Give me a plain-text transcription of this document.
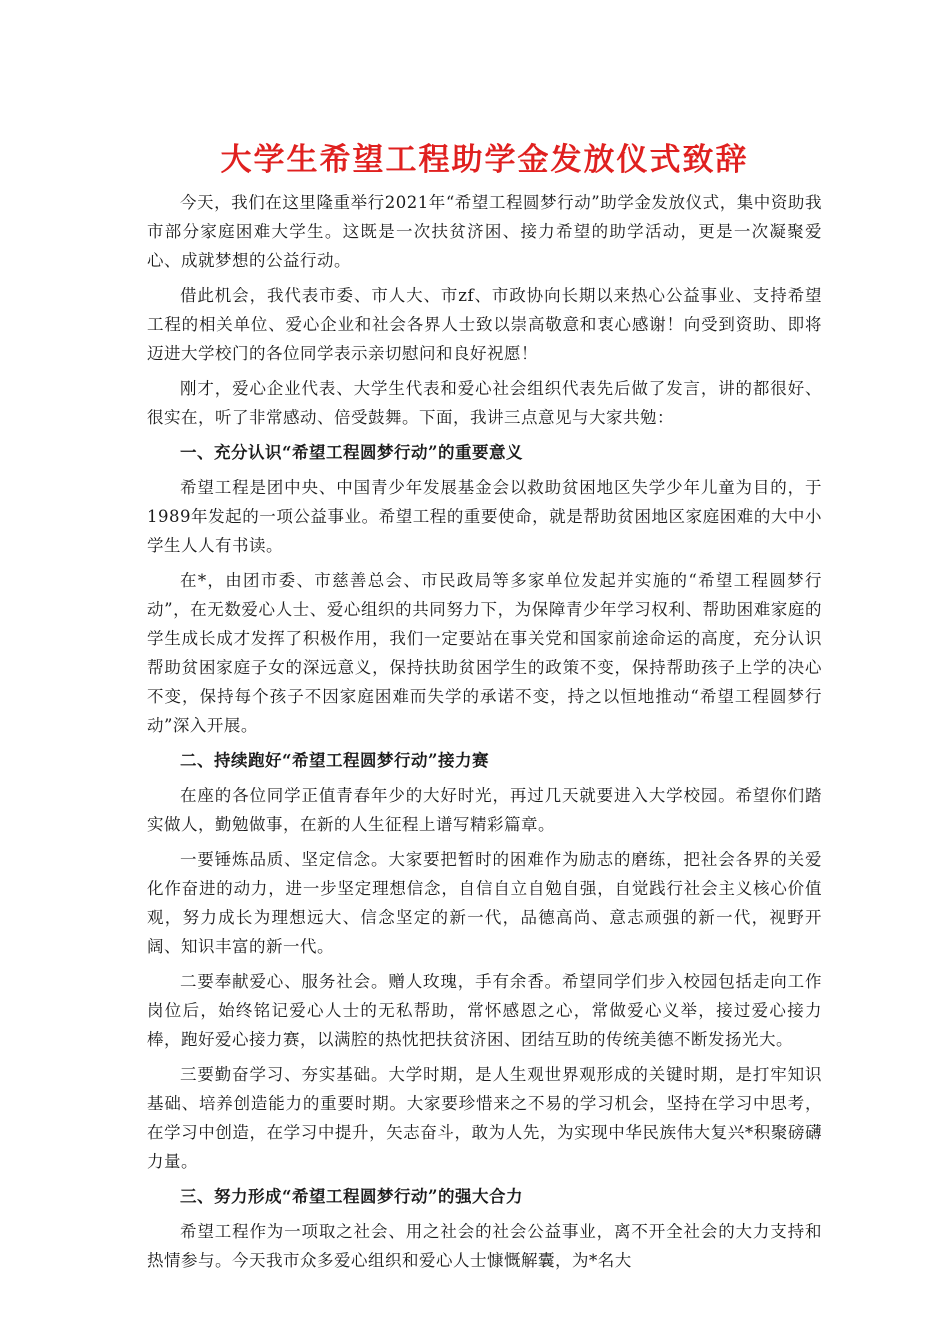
大学生希望工程助学金发放仪式致辞

今天，我们在这里隆重举行2021年“希望工程圆梦行动”助学金发放仪式，集中资助我市部分家庭困难大学生。这既是一次扶贫济困、接力希望的助学活动，更是一次凝聚爱心、成就梦想的公益行动。

借此机会，我代表市委、市人大、市zf、市政协向长期以来热心公益事业、支持希望工程的相关单位、爱心企业和社会各界人士致以崇高敬意和衷心感谢！向受到资助、即将迈进大学校门的各位同学表示亲切慰问和良好祝愿！

刚才，爱心企业代表、大学生代表和爱心社会组织代表先后做了发言，讲的都很好、很实在，听了非常感动、倍受鼓舞。下面，我讲三点意见与大家共勉：

一、充分认识“希望工程圆梦行动”的重要意义

希望工程是团中央、中国青少年发展基金会以救助贫困地区失学少年儿童为目的，于1989年发起的一项公益事业。希望工程的重要使命，就是帮助贫困地区家庭困难的大中小学生人人有书读。

在*，由团市委、市慈善总会、市民政局等多家单位发起并实施的“希望工程圆梦行动”，在无数爱心人士、爱心组织的共同努力下，为保障青少年学习权利、帮助困难家庭的学生成长成才发挥了积极作用，我们一定要站在事关党和国家前途命运的高度，充分认识帮助贫困家庭子女的深远意义，保持扶助贫困学生的政策不变，保持帮助孩子上学的决心不变，保持每个孩子不因家庭困难而失学的承诺不变，持之以恒地推动“希望工程圆梦行动”深入开展。

二、持续跑好“希望工程圆梦行动”接力赛

在座的各位同学正值青春年少的大好时光，再过几天就要进入大学校园。希望你们踏实做人，勤勉做事，在新的人生征程上谱写精彩篇章。

一要锤炼品质、坚定信念。大家要把暂时的困难作为励志的磨练，把社会各界的关爱化作奋进的动力，进一步坚定理想信念，自信自立自勉自强，自觉践行社会主义核心价值观，努力成长为理想远大、信念坚定的新一代，品德高尚、意志顽强的新一代，视野开阔、知识丰富的新一代。

二要奉献爱心、服务社会。赠人玫瑰，手有余香。希望同学们步入校园包括走向工作岗位后，始终铭记爱心人士的无私帮助，常怀感恩之心，常做爱心义举，接过爱心接力棒，跑好爱心接力赛，以满腔的热忱把扶贫济困、团结互助的传统美德不断发扬光大。

三要勤奋学习、夯实基础。大学时期，是人生观世界观形成的关键时期，是打牢知识基础、培养创造能力的重要时期。大家要珍惜来之不易的学习机会，坚持在学习中思考，在学习中创造，在学习中提升，矢志奋斗，敢为人先，为实现中华民族伟大复兴*积聚磅礴力量。

三、努力形成“希望工程圆梦行动”的强大合力

希望工程作为一项取之社会、用之社会的社会公益事业，离不开全社会的大力支持和热情参与。今天我市众多爱心组织和爱心人士慷慨解囊，为*名大
